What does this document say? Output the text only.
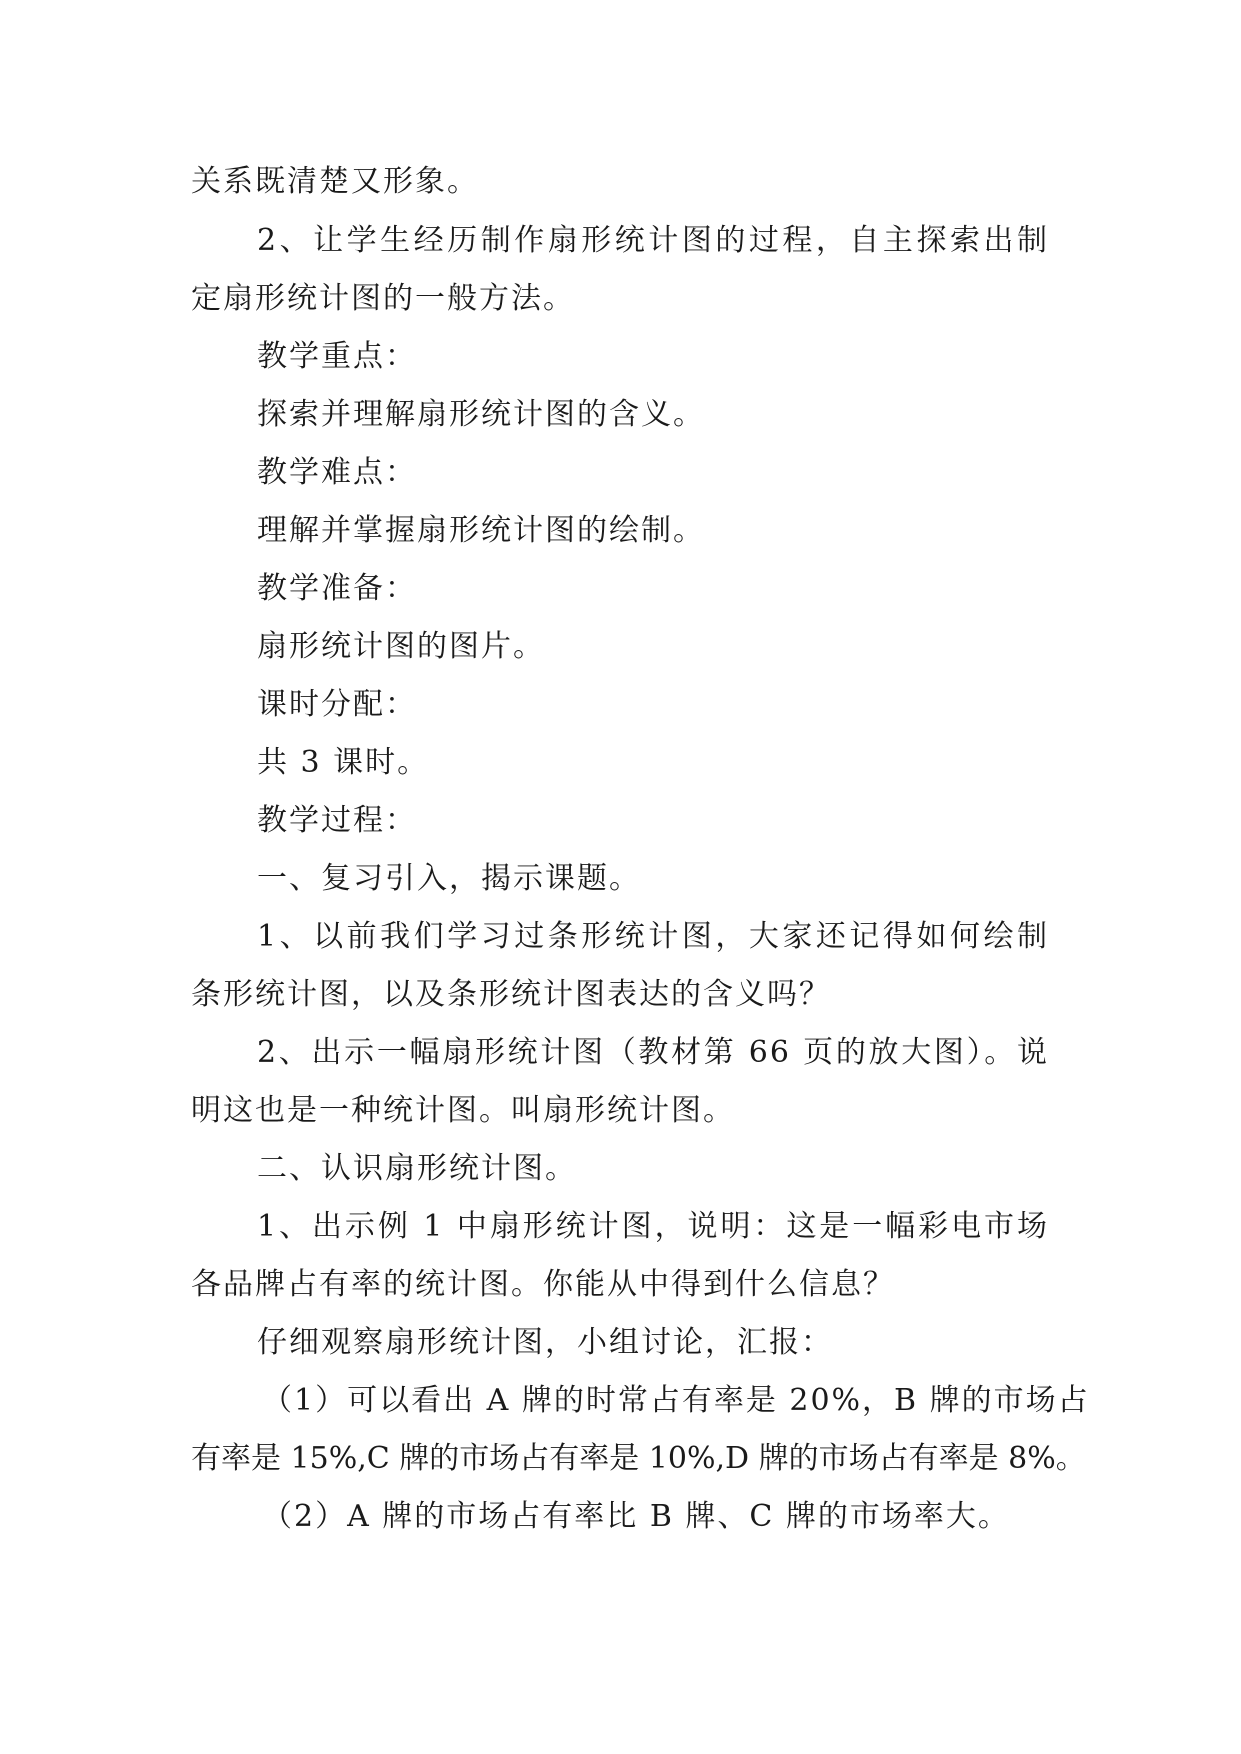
关系既清楚又形象。

2、让学生经历制作扇形统计图的过程，自主探索出制

定扇形统计图的一般方法。

教学重点：

探索并理解扇形统计图的含义。

教学难点：

理解并掌握扇形统计图的绘制。

教学准备：

扇形统计图的图片。

课时分配：

共 3 课时。

教学过程：

一、复习引入，揭示课题。

1、以前我们学习过条形统计图，大家还记得如何绘制

条形统计图，以及条形统计图表达的含义吗？

2、出示一幅扇形统计图（教材第 66 页的放大图）。说

明这也是一种统计图。叫扇形统计图。

二、认识扇形统计图。

1、出示例 1 中扇形统计图，说明：这是一幅彩电市场

各品牌占有率的统计图。你能从中得到什么信息？

仔细观察扇形统计图，小组讨论，汇报：

（1）可以看出 A 牌的时常占有率是 20%，B 牌的市场占

有率是 15%,C 牌的市场占有率是 10%,D 牌的市场占有率是 8%。

（2）A 牌的市场占有率比 B 牌、C 牌的市场率大。
